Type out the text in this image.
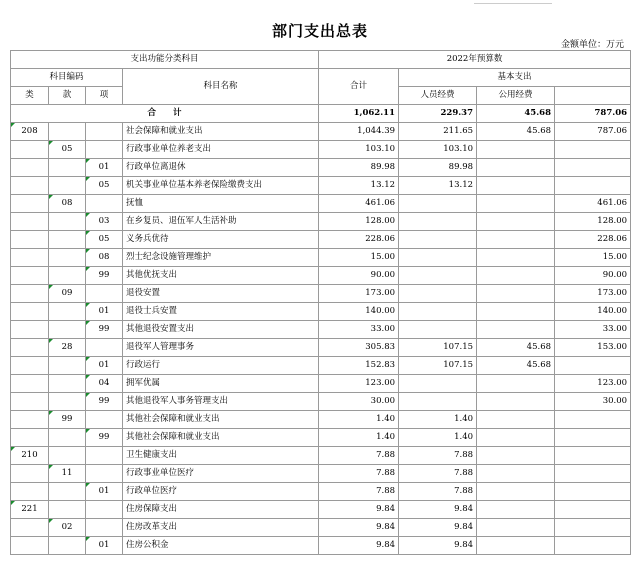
部门支出总表
金额单位：万元
支出功能分类科目				2022年预算数				
科目编码			科目名称	合计	基本支出	
类	款	项			人员经费	公用经费		
合　　计				1,062.11	229.37	45.68	787.06	
208			社会保障和就业支出	1,044.39	211.65	45.68	787.06	
	05		行政事业单位养老支出	103.10	103.10			
		01	行政单位离退休	89.98	89.98			
		05	机关事业单位基本养老保险缴费支出	13.12	13.12			
	08		抚恤	461.06			461.06	
		03	在乡复员、退伍军人生活补助	128.00			128.00	
		05	义务兵优待	228.06			228.06	
		08	烈士纪念设施管理维护	15.00			15.00	
		99	其他优抚支出	90.00			90.00	
	09		退役安置	173.00			173.00	
		01	退役士兵安置	140.00			140.00	
		99	其他退役安置支出	33.00			33.00	
	28		退役军人管理事务	305.83	107.15	45.68	153.00	
		01	行政运行	152.83	107.15	45.68		
		04	拥军优属	123.00			123.00	
		99	其他退役军人事务管理支出	30.00			30.00	
	99		其他社会保障和就业支出	1.40	1.40			
		99	其他社会保障和就业支出	1.40	1.40			
210			卫生健康支出	7.88	7.88			
	11		行政事业单位医疗	7.88	7.88			
		01	行政单位医疗	7.88	7.88			
221			住房保障支出	9.84	9.84			
	02		住房改革支出	9.84	9.84			
		01	住房公积金	9.84	9.84			
